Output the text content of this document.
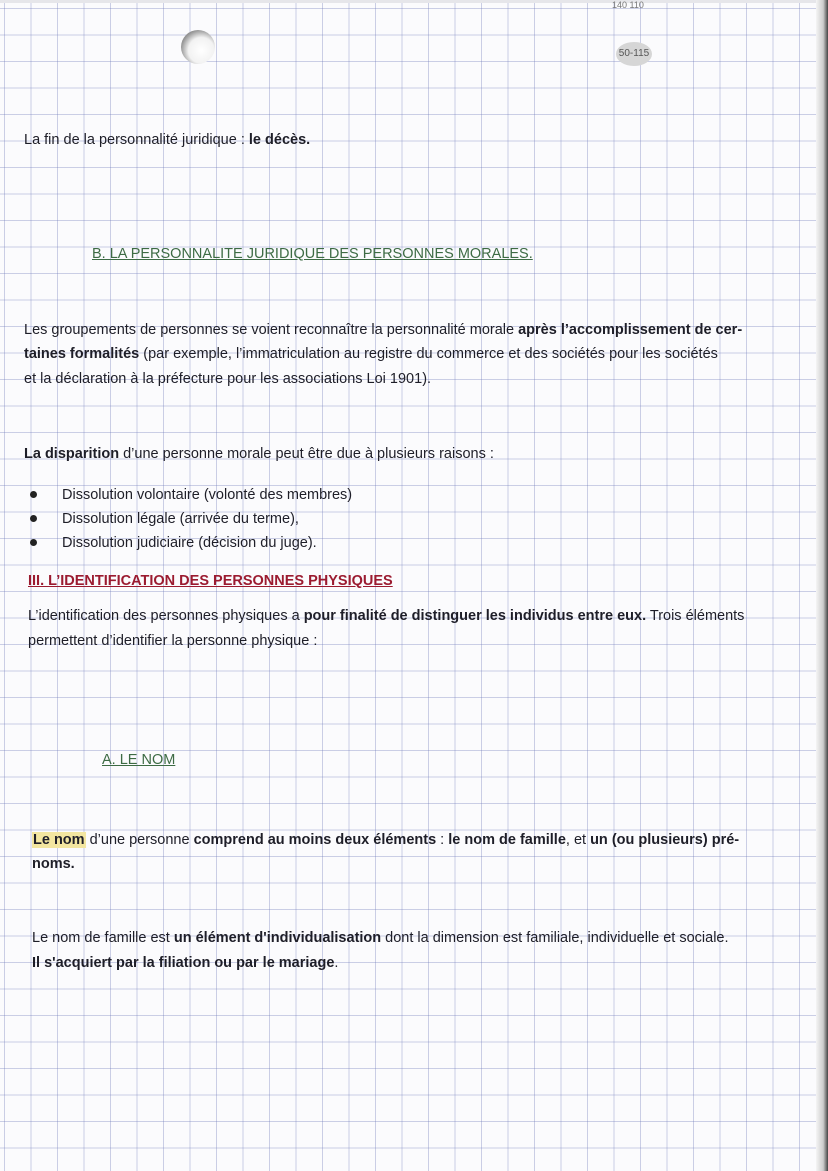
140 110
50-115

La fin de la personnalité juridique : le décès.

B. LA PERSONNALITE JURIDIQUE DES PERSONNES MORALES.

Les groupements de personnes se voient reconnaître la personnalité morale après l’accomplissement de cer-

taines formalités (par exemple, l’immatriculation au registre du commerce et des sociétés pour les sociétés

et la déclaration à la préfecture pour les associations Loi 1901).

La disparition d’une personne morale peut être due à plusieurs raisons :

Dissolution volontaire (volonté des membres)

Dissolution légale (arrivée du terme),

Dissolution judiciaire (décision du juge).

III. L’IDENTIFICATION DES PERSONNES PHYSIQUES

L’identification des personnes physiques a pour finalité de distinguer les individus entre eux. Trois éléments

permettent d’identifier la personne physique :

A. LE NOM

Le nom d’une personne comprend au moins deux éléments : le nom de famille, et un (ou plusieurs) pré-

noms.

Le nom de famille est un élément d'individualisation dont la dimension est familiale, individuelle et sociale.

Il s'acquiert par la filiation ou par le mariage.
